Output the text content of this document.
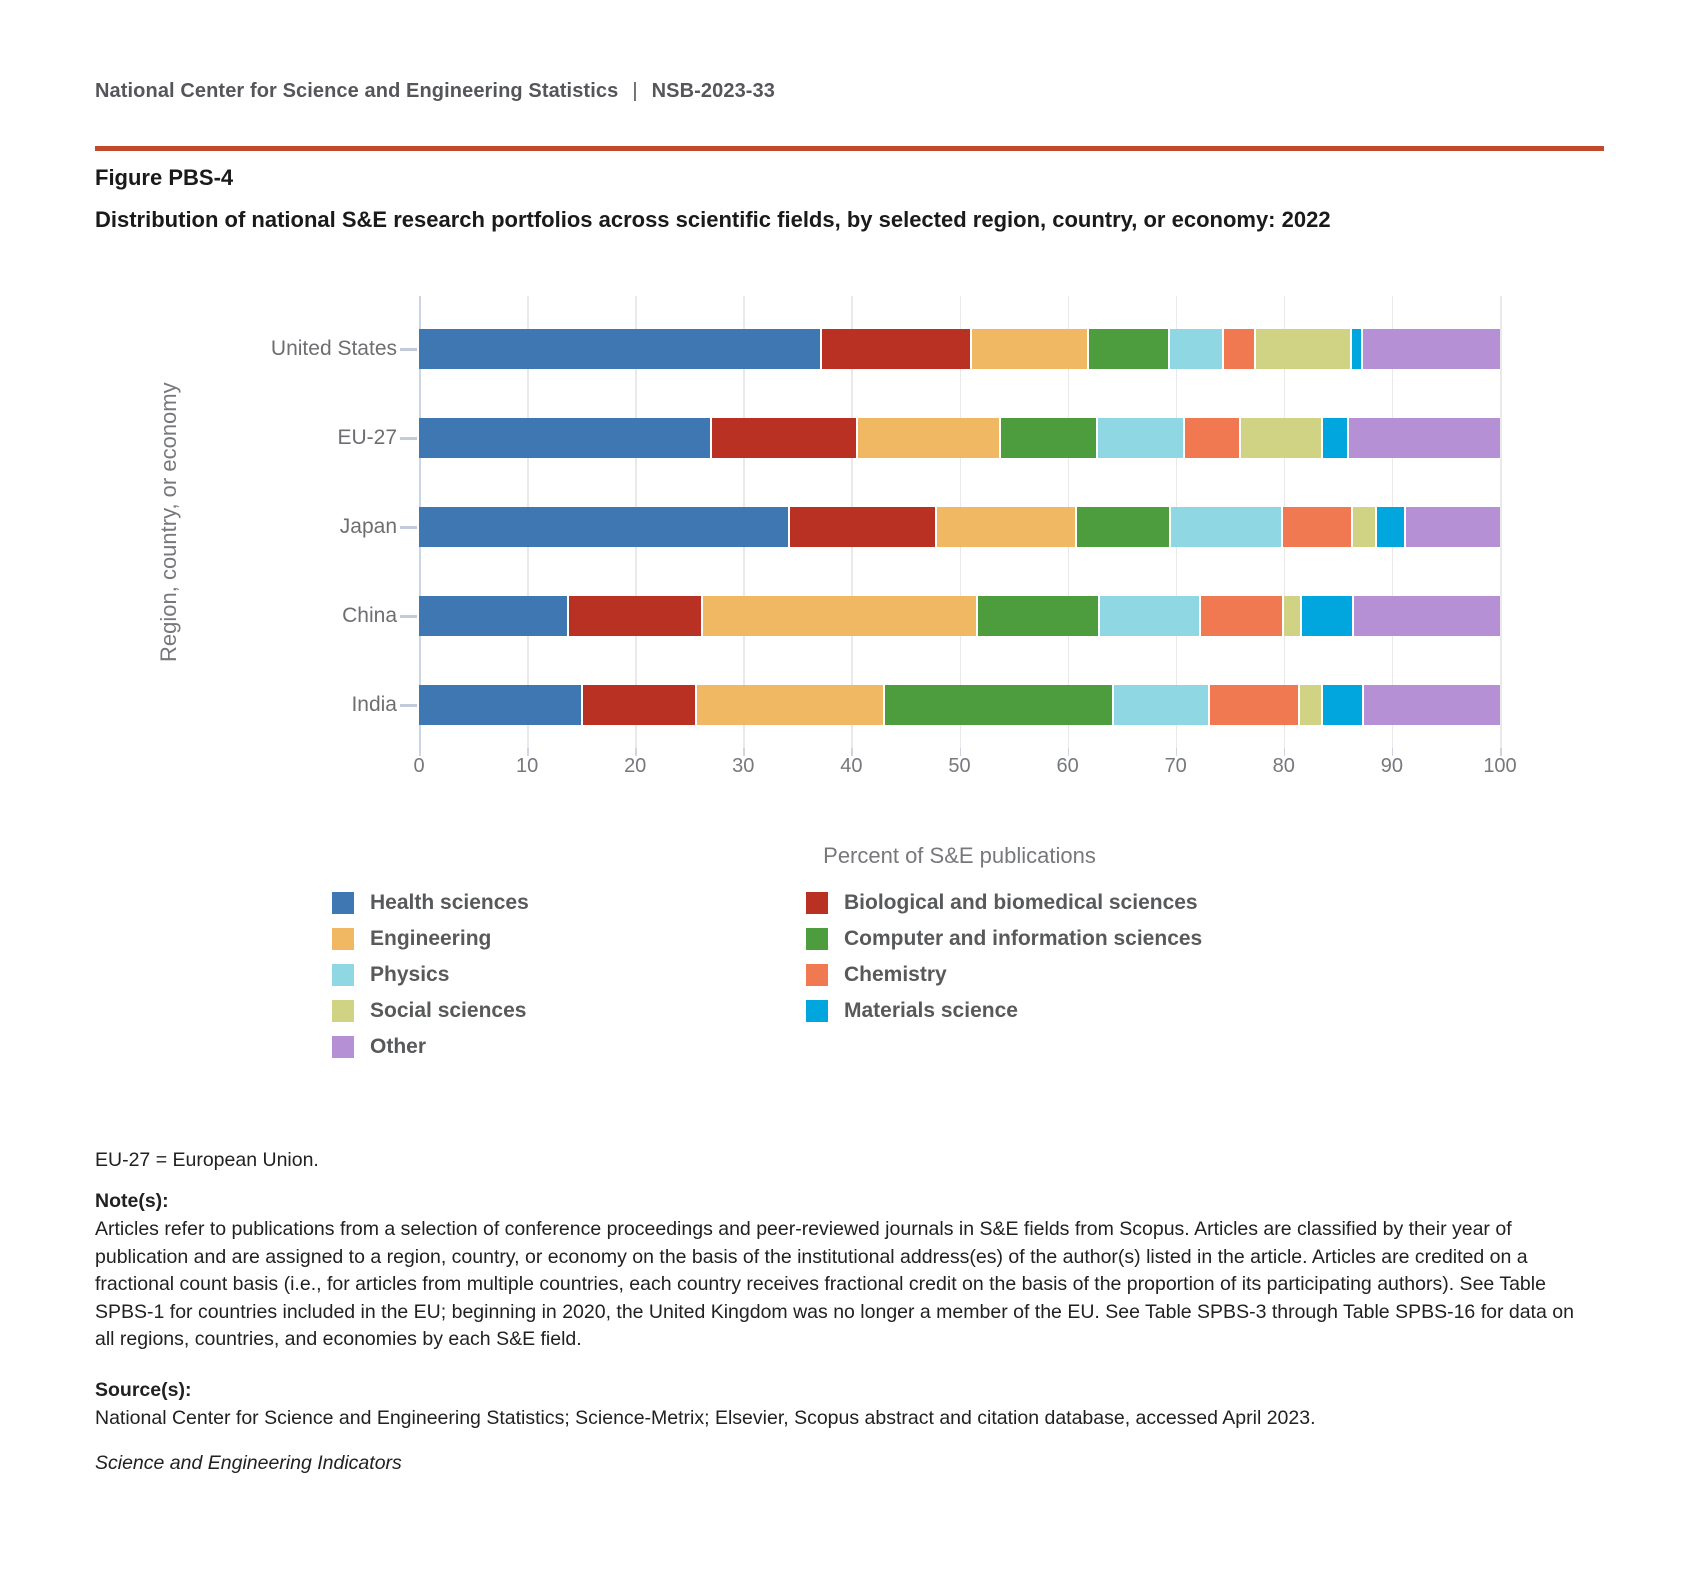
National Center for Science and Engineering Statistics | NSB-2023-33
Figure PBS-4
Distribution of national S&E research portfolios across scientific fields, by selected region, country, or economy: 2022
Region, country, or economy
United States
EU-27
Japan
China
India
0	10	20	30	40	50	60	70	80	90	100
Percent of S&E publications
Health sciences
Engineering
Physics
Social sciences
Other
Biological and biomedical sciences
Computer and information sciences
Chemistry
Materials science
EU-27 = European Union.
Note(s):
Articles refer to publications from a selection of conference proceedings and peer-reviewed journals in S&E fields from Scopus. Articles are classified by their year of publication and are assigned to a region, country, or economy on the basis of the institutional address(es) of the author(s) listed in the article. Articles are credited on a fractional count basis (i.e., for articles from multiple countries, each country receives fractional credit on the basis of the proportion of its participating authors). See Table SPBS-1 for countries included in the EU; beginning in 2020, the United Kingdom was no longer a member of the EU. See Table SPBS-3 through Table SPBS-16 for data on all regions, countries, and economies by each S&E field.
Source(s):
National Center for Science and Engineering Statistics; Science-Metrix; Elsevier, Scopus abstract and citation database, accessed April 2023.
Science and Engineering Indicators
